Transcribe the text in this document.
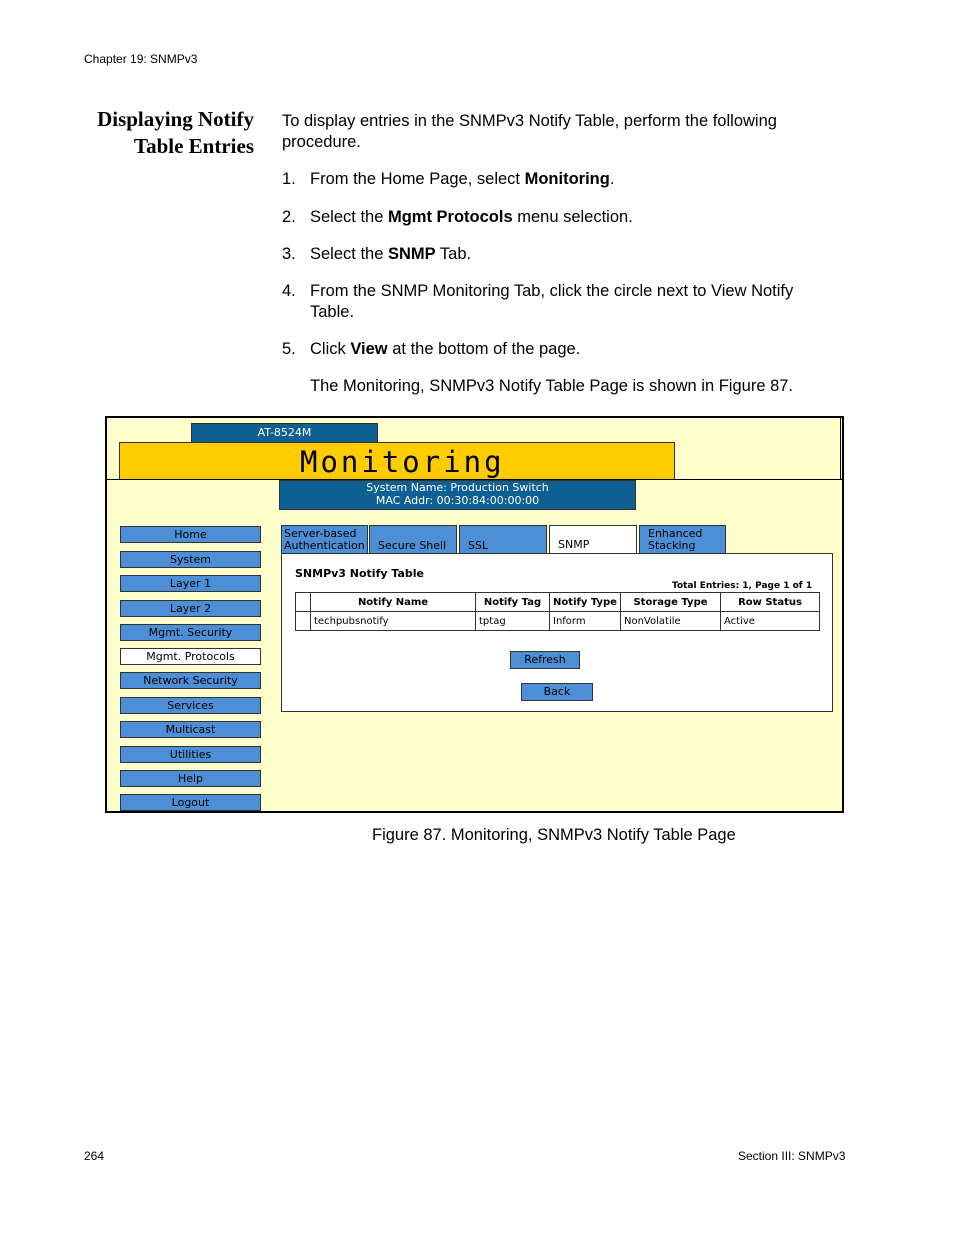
Chapter 19: SNMPv3
Displaying Notify
Table Entries
To display entries in the SNMPv3 Notify Table, perform the following
procedure.
1. From the Home Page, select Monitoring.
2. Select the Mgmt Protocols menu selection.
3. Select the SNMP Tab.
4. From the SNMP Monitoring Tab, click the circle next to View Notify
Table.
5. Click View at the bottom of the page.
The Monitoring, SNMPv3 Notify Table Page is shown in Figure 87.
AT-8524M
Monitoring
System Name: Production Switch
MAC Addr: 00:30:84:00:00:00
Home
System
Layer 1
Layer 2
Mgmt. Security
Mgmt. Protocols
Network Security
Services
Multicast
Utilities
Help
Logout
Server-based
Authentication Secure Shell	SSL	SNMP
Enhanced
Stacking
SNMPv3 Notify Table
Total Entries: 1, Page 1 of 1
	Notify Name	Notify Tag	Notify Type	Storage Type	Row Status
	techpubsnotify	tptag	Inform	NonVolatile	Active
Refresh
Back
Figure 87. Monitoring, SNMPv3 Notify Table Page
264	Section III: SNMPv3
